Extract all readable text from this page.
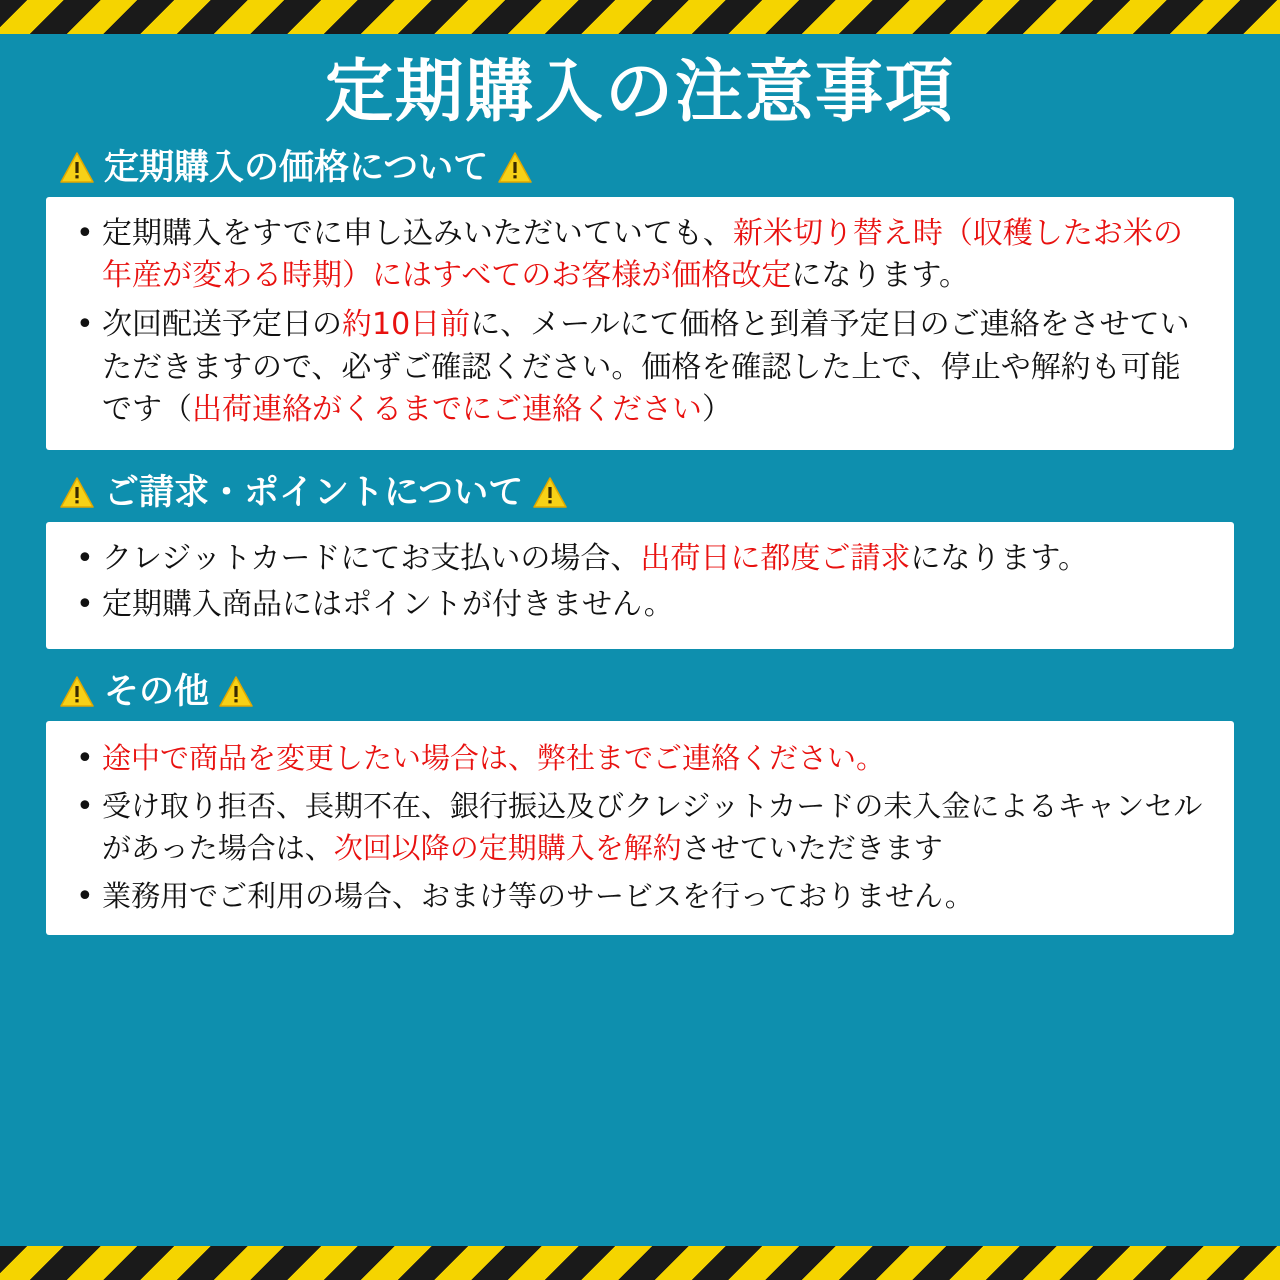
定期購入の注意事項
定期購入の価格について
• 定期購入をすでに申し込みいただいていても、新米切り替え時（収穫したお米の年産が変わる時期）にはすべてのお客様が価格改定になります。
• 次回配送予定日の約10日前に、メールにて価格と到着予定日のご連絡をさせていただきますので、必ずご確認ください。価格を確認した上で、停止や解約も可能です（出荷連絡がくるまでにご連絡ください）
ご請求・ポイントについて
• クレジットカードにてお支払いの場合、出荷日に都度ご請求になります。
• 定期購入商品にはポイントが付きません。
その他
• 途中で商品を変更したい場合は、弊社までご連絡ください。
• 受け取り拒否、長期不在、銀行振込及びクレジットカードの未入金によるキャンセルがあった場合は、次回以降の定期購入を解約させていただきます
• 業務用でご利用の場合、おまけ等のサービスを行っておりません。
